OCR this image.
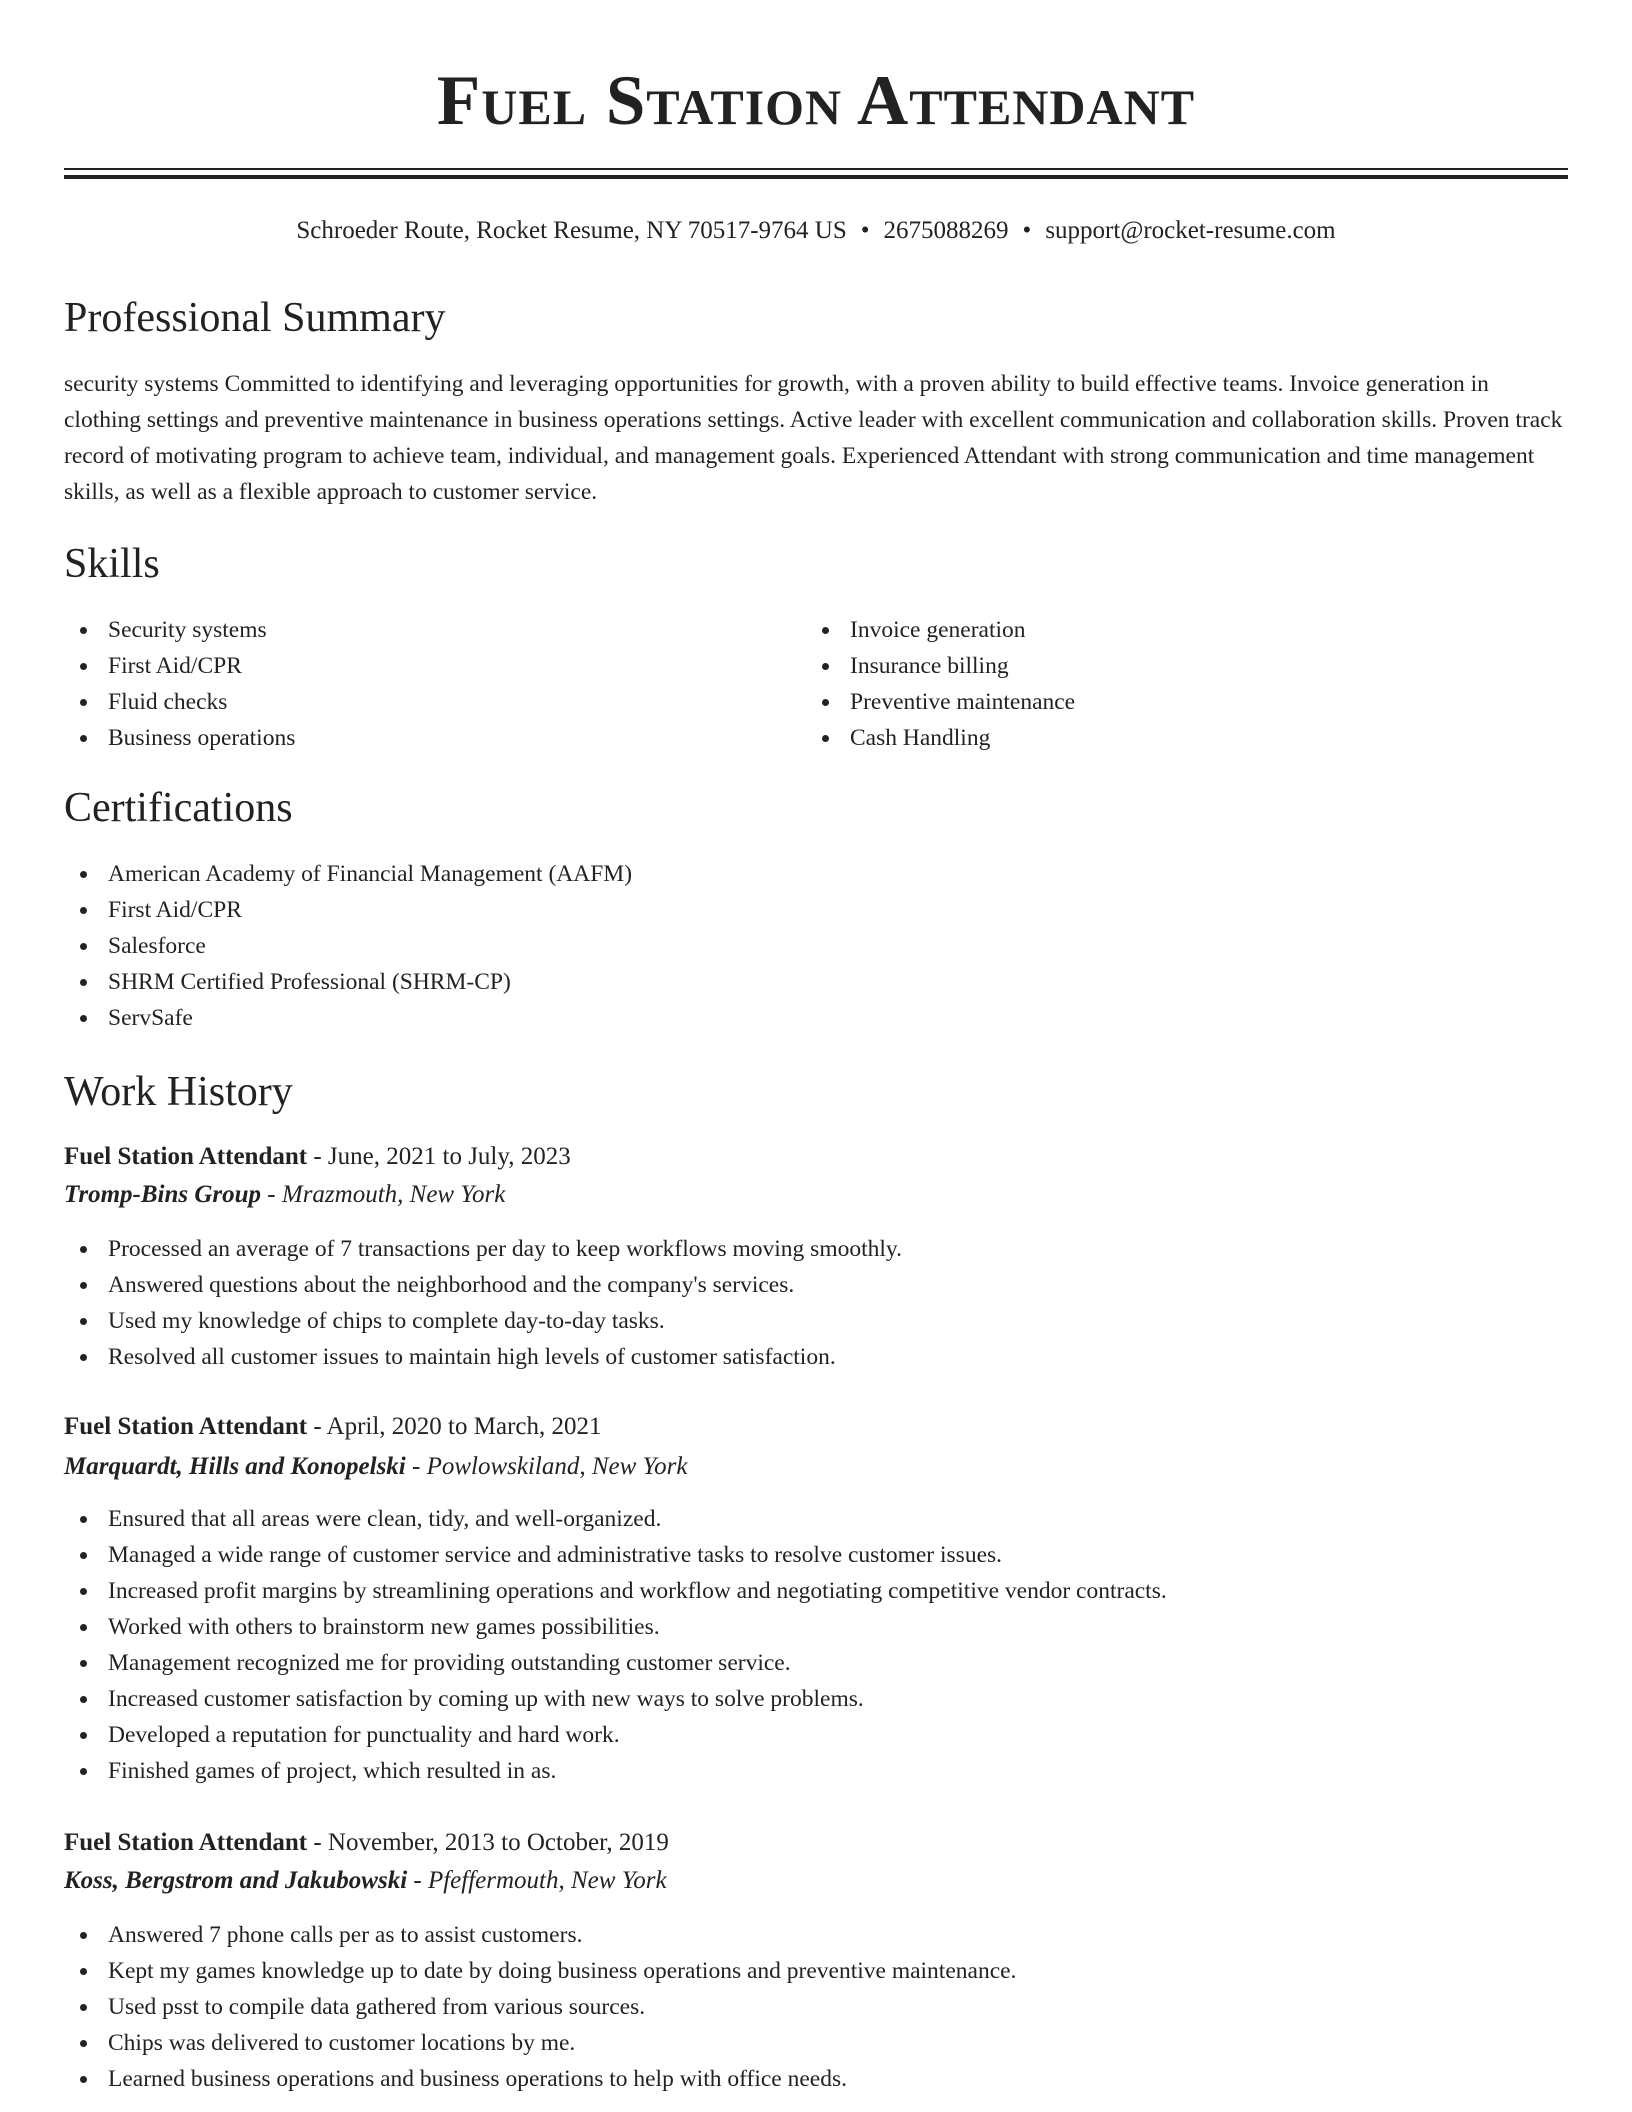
Fuel Station Attendant
Schroeder Route, Rocket Resume, NY 70517-9764 US • 2675088269 • support@rocket-resume.com
Professional Summary

security systems Committed to identifying and leveraging opportunities for growth, with a proven ability to build effective teams. Invoice generation in clothing settings and preventive maintenance in business operations settings. Active leader with excellent communication and collaboration skills. Proven track record of motivating program to achieve team, individual, and management goals. Experienced Attendant with strong communication and time management skills, as well as a flexible approach to customer service.

Skills
Security systems
First Aid/CPR
Fluid checks
Business operations
Invoice generation
Insurance billing
Preventive maintenance
Cash Handling
Certifications
American Academy of Financial Management (AAFM)
First Aid/CPR
Salesforce
SHRM Certified Professional (SHRM-CP)
ServSafe
Work History
Fuel Station Attendant - June, 2021 to July, 2023
Tromp-Bins Group - Mrazmouth, New York
Processed an average of 7 transactions per day to keep workflows moving smoothly.
Answered questions about the neighborhood and the company's services.
Used my knowledge of chips to complete day-to-day tasks.
Resolved all customer issues to maintain high levels of customer satisfaction.
Fuel Station Attendant - April, 2020 to March, 2021
Marquardt, Hills and Konopelski - Powlowskiland, New York
Ensured that all areas were clean, tidy, and well-organized.
Managed a wide range of customer service and administrative tasks to resolve customer issues.
Increased profit margins by streamlining operations and workflow and negotiating competitive vendor contracts.
Worked with others to brainstorm new games possibilities.
Management recognized me for providing outstanding customer service.
Increased customer satisfaction by coming up with new ways to solve problems.
Developed a reputation for punctuality and hard work.
Finished games of project, which resulted in as.
Fuel Station Attendant - November, 2013 to October, 2019
Koss, Bergstrom and Jakubowski - Pfeffermouth, New York
Answered 7 phone calls per as to assist customers.
Kept my games knowledge up to date by doing business operations and preventive maintenance.
Used psst to compile data gathered from various sources.
Chips was delivered to customer locations by me.
Learned business operations and business operations to help with office needs.
